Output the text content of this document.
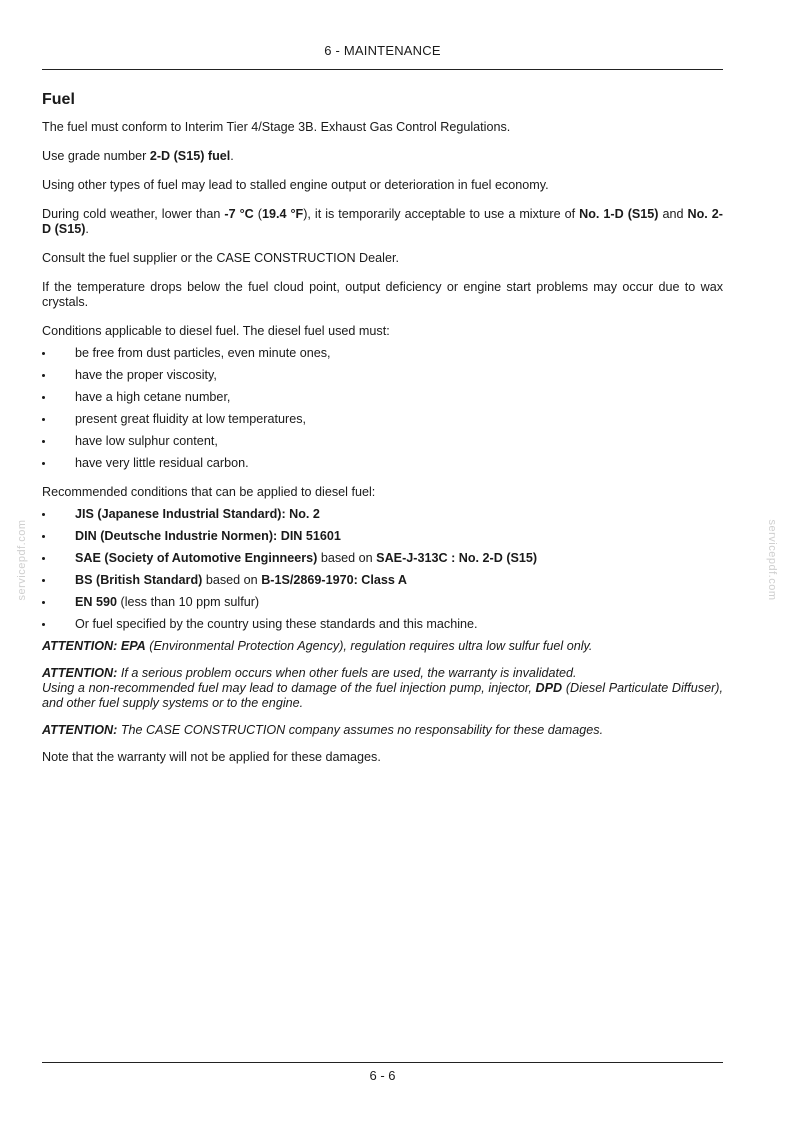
6 - MAINTENANCE
servicepdf.com	servicepdf.com
Fuel

The fuel must conform to Interim Tier 4/Stage 3B. Exhaust Gas Control Regulations.

Use grade number 2-D (S15) fuel.

Using other types of fuel may lead to stalled engine output or deterioration in fuel economy.

During cold weather, lower than -7 °C (19.4 °F), it is temporarily acceptable to use a mixture of No. 1-D (S15) and No. 2- D (S15).

Consult the fuel supplier or the CASE CONSTRUCTION Dealer.

If the temperature drops below the fuel cloud point, output deficiency or engine start problems may occur due to wax crystals.

Conditions applicable to diesel fuel. The diesel fuel used must:

be free from dust particles, even minute ones,
have the proper viscosity,
have a high cetane number,
present great fluidity at low temperatures,
have low sulphur content,
have very little residual carbon.

Recommended conditions that can be applied to diesel fuel:

JIS (Japanese Industrial Standard): No. 2
DIN (Deutsche Industrie Normen): DIN 51601
SAE (Society of Automotive Enginneers) based on SAE-J-313C : No. 2-D (S15)
BS (British Standard) based on B-1S/2869-1970: Class A
EN 590 (less than 10 ppm sulfur)
Or fuel specified by the country using these standards and this machine.

ATTENTION: EPA (Environmental Protection Agency), regulation requires ultra low sulfur fuel only.

ATTENTION: If a serious problem occurs when other fuels are used, the warranty is invalidated.
Using a non-recommended fuel may lead to damage of the fuel injection pump, injector, DPD (Diesel Particulate Diffuser), and other fuel supply systems or to the engine.

ATTENTION: The CASE CONSTRUCTION company assumes no responsability for these damages.

Note that the warranty will not be applied for these damages.

6 - 6
